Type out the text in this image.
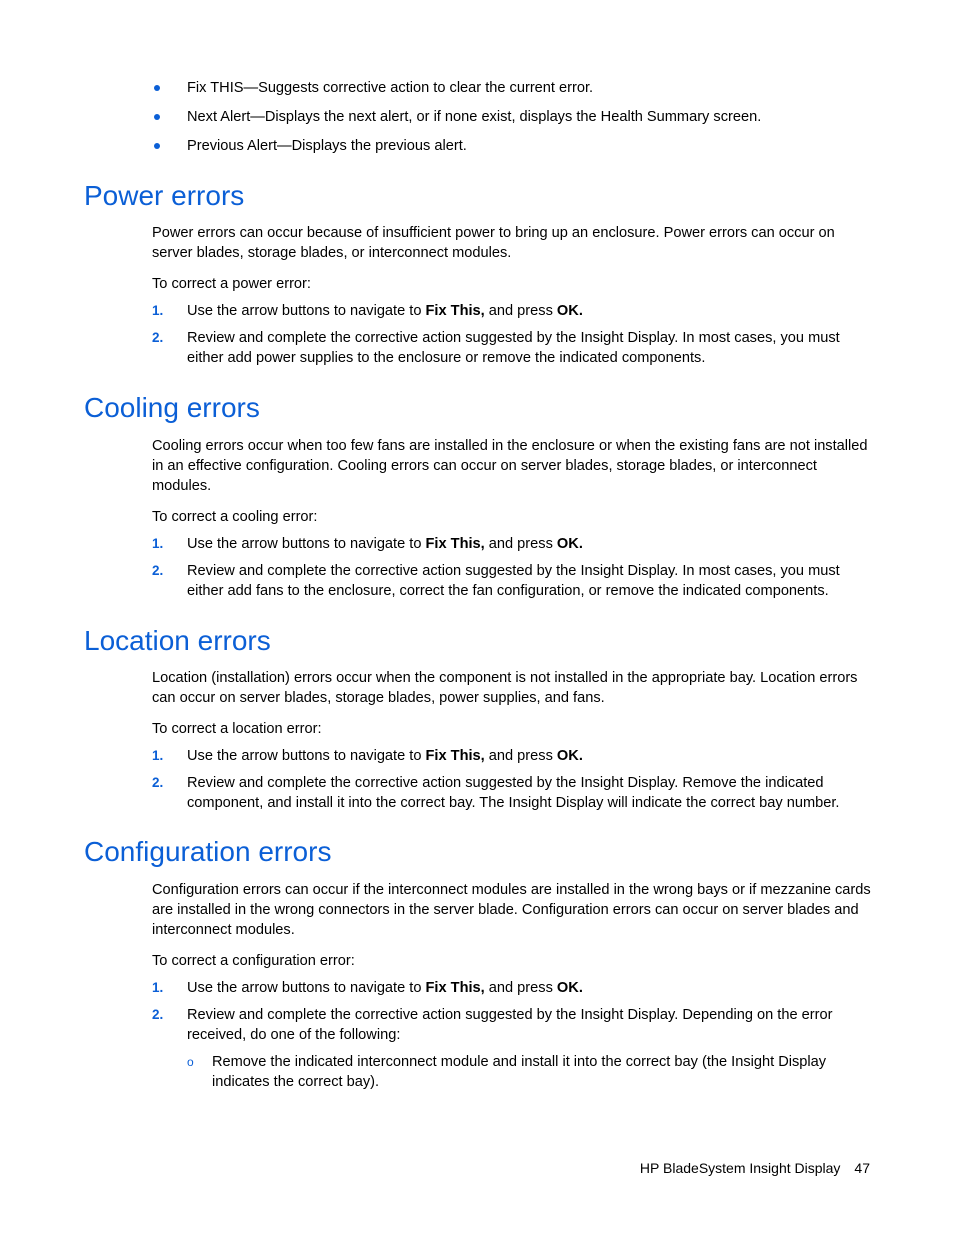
Fix THIS—Suggests corrective action to clear the current error.
Next Alert—Displays the next alert, or if none exist, displays the Health Summary screen.
Previous Alert—Displays the previous alert.
Power errors

Power errors can occur because of insufficient power to bring up an enclosure. Power errors can occur on server blades, storage blades, or interconnect modules.

To correct a power error:
1. Use the arrow buttons to navigate to Fix This, and press OK.

2. Review and complete the corrective action suggested by the Insight Display. In most cases, you must either add power supplies to the enclosure or remove the indicated components.

Cooling errors

Cooling errors occur when too few fans are installed in the enclosure or when the existing fans are not installed in an effective configuration. Cooling errors can occur on server blades, storage blades, or interconnect modules.

To correct a cooling error:
1. Use the arrow buttons to navigate to Fix This, and press OK.

2. Review and complete the corrective action suggested by the Insight Display. In most cases, you must either add fans to the enclosure, correct the fan configuration, or remove the indicated components.

Location errors

Location (installation) errors occur when the component is not installed in the appropriate bay. Location errors can occur on server blades, storage blades, power supplies, and fans.

To correct a location error:
1. Use the arrow buttons to navigate to Fix This, and press OK.

2. Review and complete the corrective action suggested by the Insight Display. Remove the indicated component, and install it into the correct bay. The Insight Display will indicate the correct bay number.

Configuration errors

Configuration errors can occur if the interconnect modules are installed in the wrong bays or if mezzanine cards are installed in the wrong connectors in the server blade. Configuration errors can occur on server blades and interconnect modules.

To correct a configuration error:
1. Use the arrow buttons to navigate to Fix This, and press OK.

2. Review and complete the corrective action suggested by the Insight Display. Depending on the error received, do one of the following:

o Remove the indicated interconnect module and install it into the correct bay (the Insight Display indicates the correct bay).

HP BladeSystem Insight Display 47
